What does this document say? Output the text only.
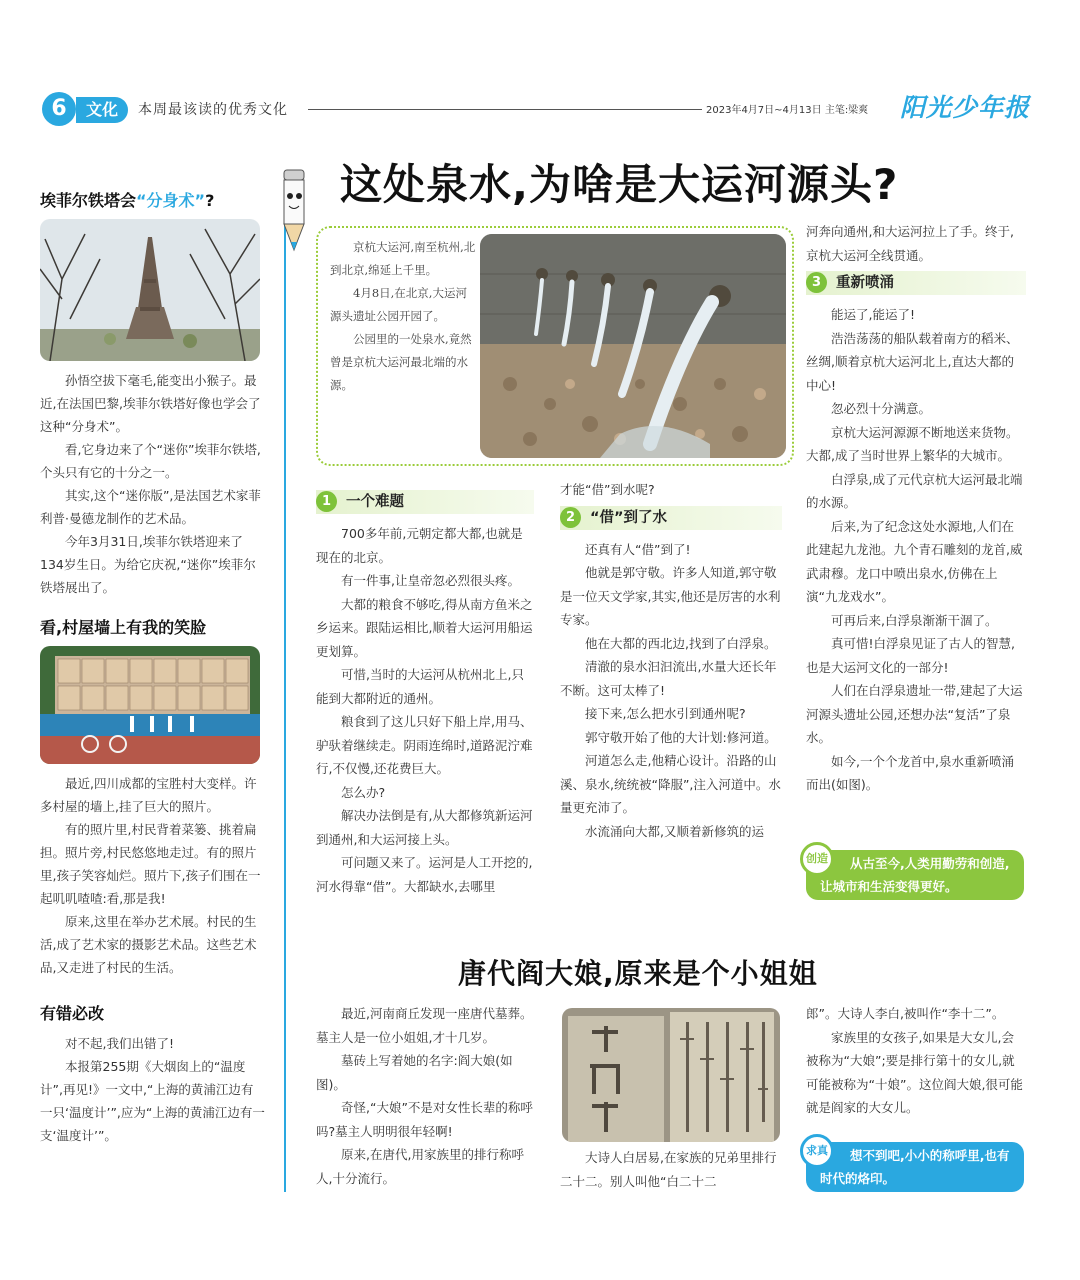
6	文化	本周最该读的优秀文化	2023年4月7日~4月13日 主笔:梁爽 阳光少年报
埃菲尔铁塔会“分身术”?

孙悟空拔下毫毛,能变出小猴子。最近,在法国巴黎,埃菲尔铁塔好像也学会了这种“分身术”。

看,它身边来了个“迷你”埃菲尔铁塔,个头只有它的十分之一。

其实,这个“迷你版”,是法国艺术家菲利普·曼德龙制作的艺术品。

今年3月31日,埃菲尔铁塔迎来了134岁生日。为给它庆祝,“迷你”埃菲尔铁塔展出了。

看,村屋墙上有我的笑脸

最近,四川成都的宝胜村大变样。许多村屋的墙上,挂了巨大的照片。

有的照片里,村民背着菜篓、挑着扁担。照片旁,村民悠悠地走过。有的照片里,孩子笑容灿烂。照片下,孩子们围在一起叽叽喳喳:看,那是我!

原来,这里在举办艺术展。村民的生活,成了艺术家的摄影艺术品。这些艺术品,又走进了村民的生活。

有错必改

对不起,我们出错了!

本报第255期《大烟囱上的“温度计”,再见!》一文中,“上海的黄浦江边有一只‘温度计’”,应为“上海的黄浦江边有一支‘温度计’”。

这处泉水,为啥是大运河源头?

京杭大运河,南至杭州,北到北京,绵延上千里。

4月8日,在北京,大运河源头遗址公园开园了。

公园里的一处泉水,竟然曾是京杭大运河最北端的水源。

1	一个难题

700多年前,元朝定都大都,也就是现在的北京。

有一件事,让皇帝忽必烈很头疼。

大都的粮食不够吃,得从南方鱼米之乡运来。跟陆运相比,顺着大运河用船运更划算。

可惜,当时的大运河从杭州北上,只能到大都附近的通州。

粮食到了这儿只好下船上岸,用马、驴驮着继续走。阴雨连绵时,道路泥泞难行,不仅慢,还花费巨大。

怎么办?

解决办法倒是有,从大都修筑新运河到通州,和大运河接上头。

可问题又来了。运河是人工开挖的,河水得靠“借”。大都缺水,去哪里

才能“借”到水呢?

2	“借”到了水

还真有人“借”到了!

他就是郭守敬。许多人知道,郭守敬是一位天文学家,其实,他还是厉害的水利专家。

他在大都的西北边,找到了白浮泉。

清澈的泉水汩汩流出,水量大还长年不断。这可太棒了!

接下来,怎么把水引到通州呢?

郭守敬开始了他的大计划:修河道。

河道怎么走,他精心设计。沿路的山溪、泉水,统统被“降服”,注入河道中。水量更充沛了。

水流涌向大都,又顺着新修筑的运

河奔向通州,和大运河拉上了手。终于,京杭大运河全线贯通。

3	重新喷涌

能运了,能运了!

浩浩荡荡的船队载着南方的稻米、丝绸,顺着京杭大运河北上,直达大都的中心!

忽必烈十分满意。

京杭大运河源源不断地送来货物。大都,成了当时世界上繁华的大城市。

白浮泉,成了元代京杭大运河最北端的水源。

后来,为了纪念这处水源地,人们在此建起九龙池。九个青石雕刻的龙首,威武肃穆。龙口中喷出泉水,仿佛在上演“九龙戏水”。

可再后来,白浮泉渐渐干涸了。

真可惜!白浮泉见证了古人的智慧,也是大运河文化的一部分!

人们在白浮泉遗址一带,建起了大运河源头遗址公园,还想办法“复活”了泉水。

如今,一个个龙首中,泉水重新喷涌而出(如图)。

创造	从古至今,人类用勤劳和创造,让城市和生活变得更好。
唐代阎大娘,原来是个小姐姐

最近,河南商丘发现一座唐代墓葬。墓主人是一位小姐姐,才十几岁。

墓砖上写着她的名字:阎大娘(如图)。

奇怪,“大娘”不是对女性长辈的称呼吗?墓主人明明很年轻啊!

原来,在唐代,用家族里的排行称呼人,十分流行。

大诗人白居易,在家族的兄弟里排行二十二。别人叫他“白二十二

郎”。大诗人李白,被叫作“李十二”。

家族里的女孩子,如果是大女儿,会被称为“大娘”;要是排行第十的女儿,就可能被称为“十娘”。这位阎大娘,很可能就是阎家的大女儿。

求真	想不到吧,小小的称呼里,也有时代的烙印。
